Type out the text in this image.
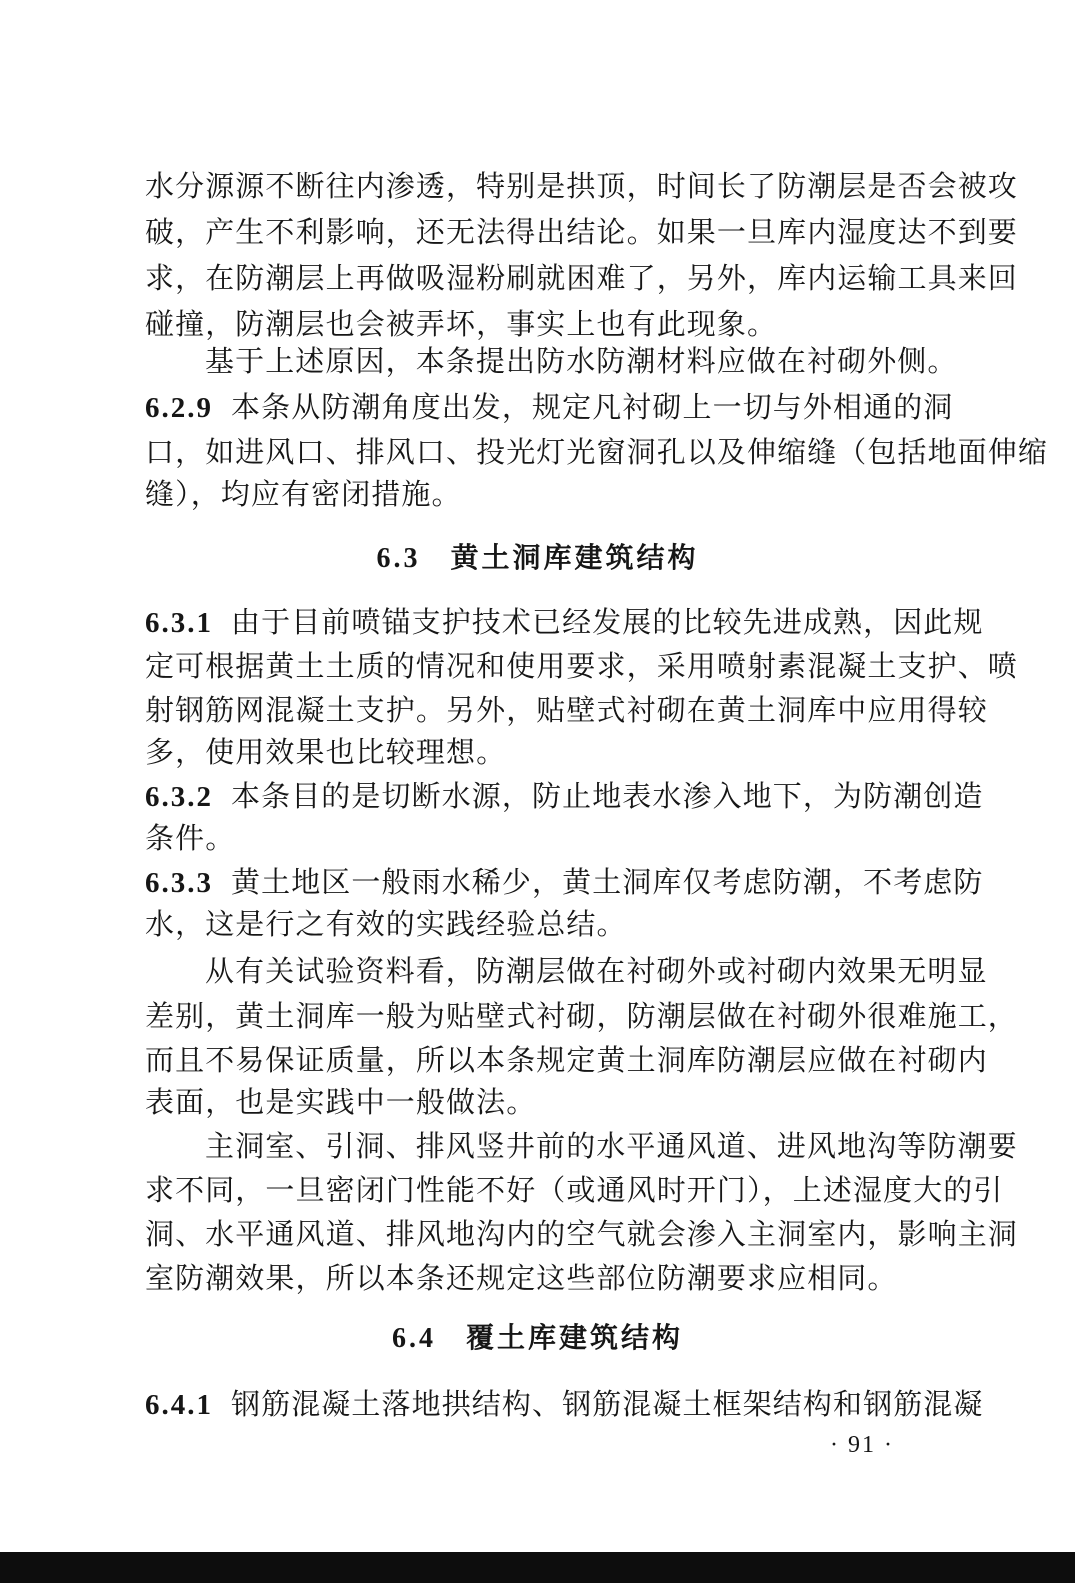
水分源源不断往内渗透，特别是拱顶，时间长了防潮层是否会被攻
破，产生不利影响，还无法得出结论。如果一旦库内湿度达不到要
求，在防潮层上再做吸湿粉刷就困难了，另外，库内运输工具来回
碰撞，防潮层也会被弄坏，事实上也有此现象。
基于上述原因，本条提出防水防潮材料应做在衬砌外侧。
6.2.9 本条从防潮角度出发，规定凡衬砌上一切与外相通的洞
口，如进风口、排风口、投光灯光窗洞孔以及伸缩缝（包括地面伸缩
缝），均应有密闭措施。
6.3 黄土洞库建筑结构
6.3.1 由于目前喷锚支护技术已经发展的比较先进成熟，因此规
定可根据黄土土质的情况和使用要求，采用喷射素混凝土支护、喷
射钢筋网混凝土支护。另外，贴壁式衬砌在黄土洞库中应用得较
多，使用效果也比较理想。
6.3.2 本条目的是切断水源，防止地表水渗入地下，为防潮创造
条件。
6.3.3 黄土地区一般雨水稀少，黄土洞库仅考虑防潮，不考虑防
水，这是行之有效的实践经验总结。
从有关试验资料看，防潮层做在衬砌外或衬砌内效果无明显
差别，黄土洞库一般为贴壁式衬砌，防潮层做在衬砌外很难施工，
而且不易保证质量，所以本条规定黄土洞库防潮层应做在衬砌内
表面，也是实践中一般做法。
主洞室、引洞、排风竖井前的水平通风道、进风地沟等防潮要
求不同，一旦密闭门性能不好（或通风时开门），上述湿度大的引
洞、水平通风道、排风地沟内的空气就会渗入主洞室内，影响主洞
室防潮效果，所以本条还规定这些部位防潮要求应相同。
6.4 覆土库建筑结构
6.4.1 钢筋混凝土落地拱结构、钢筋混凝土框架结构和钢筋混凝
· 91 ·
